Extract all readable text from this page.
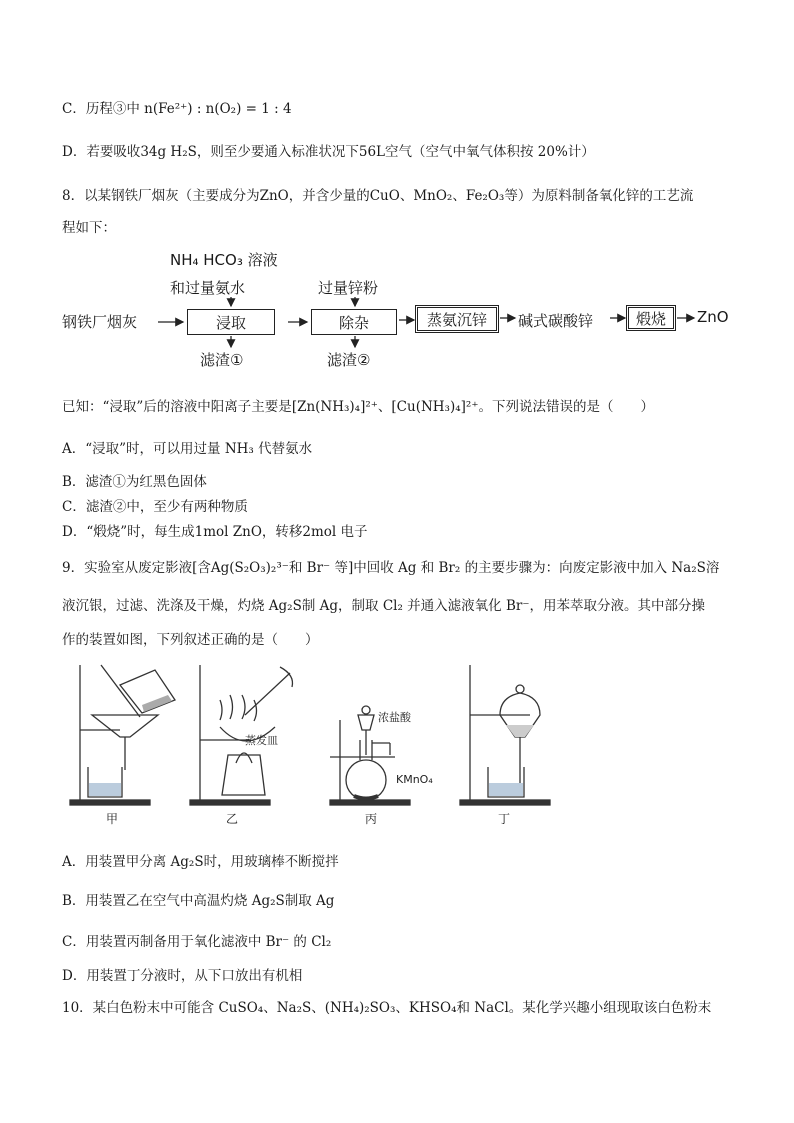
C．历程③中 n(Fe²⁺) : n(O₂) = 1 : 4
D．若要吸收34g H₂S，则至少要通入标准状况下56L空气（空气中氧气体积按 20%计）
8．以某钢铁厂烟灰（主要成分为ZnO，并含少量的CuO、MnO₂、Fe₂O₃等）为原料制备氧化锌的工艺流
程如下：
NH₄ HCO₃ 溶液
和过量氨水	过量锌粉
钢铁厂烟灰	浸取	除杂	蒸氨沉锌 碱式碳酸锌	煅烧 ZnO
滤渣①	滤渣②
已知：“浸取”后的溶液中阳离子主要是[Zn(NH₃)₄]²⁺、[Cu(NH₃)₄]²⁺。下列说法错误的是（　　）
A．“浸取”时，可以用过量 NH₃ 代替氨水
B．滤渣①为红黑色固体
C．滤渣②中，至少有两种物质
D．“煅烧”时，每生成1mol ZnO，转移2mol 电子
9．实验室从废定影液[含Ag(S₂O₃)₂³⁻和 Br⁻ 等]中回收 Ag 和 Br₂ 的主要步骤为：向废定影液中加入 Na₂S溶
液沉银，过滤、洗涤及干燥，灼烧 Ag₂S制 Ag，制取 Cl₂ 并通入滤液氧化 Br⁻，用苯萃取分液。其中部分操
作的装置如图，下列叙述正确的是（　　）
蒸发皿
浓盐酸
KMnO₄
甲	乙	丙	丁
A．用装置甲分离 Ag₂S时，用玻璃棒不断搅拌
B．用装置乙在空气中高温灼烧 Ag₂S制取 Ag
C．用装置丙制备用于氧化滤液中 Br⁻ 的 Cl₂
D．用装置丁分液时，从下口放出有机相
10．某白色粉末中可能含 CuSO₄、Na₂S、(NH₄)₂SO₃、KHSO₄和 NaCl。某化学兴趣小组现取该白色粉末
